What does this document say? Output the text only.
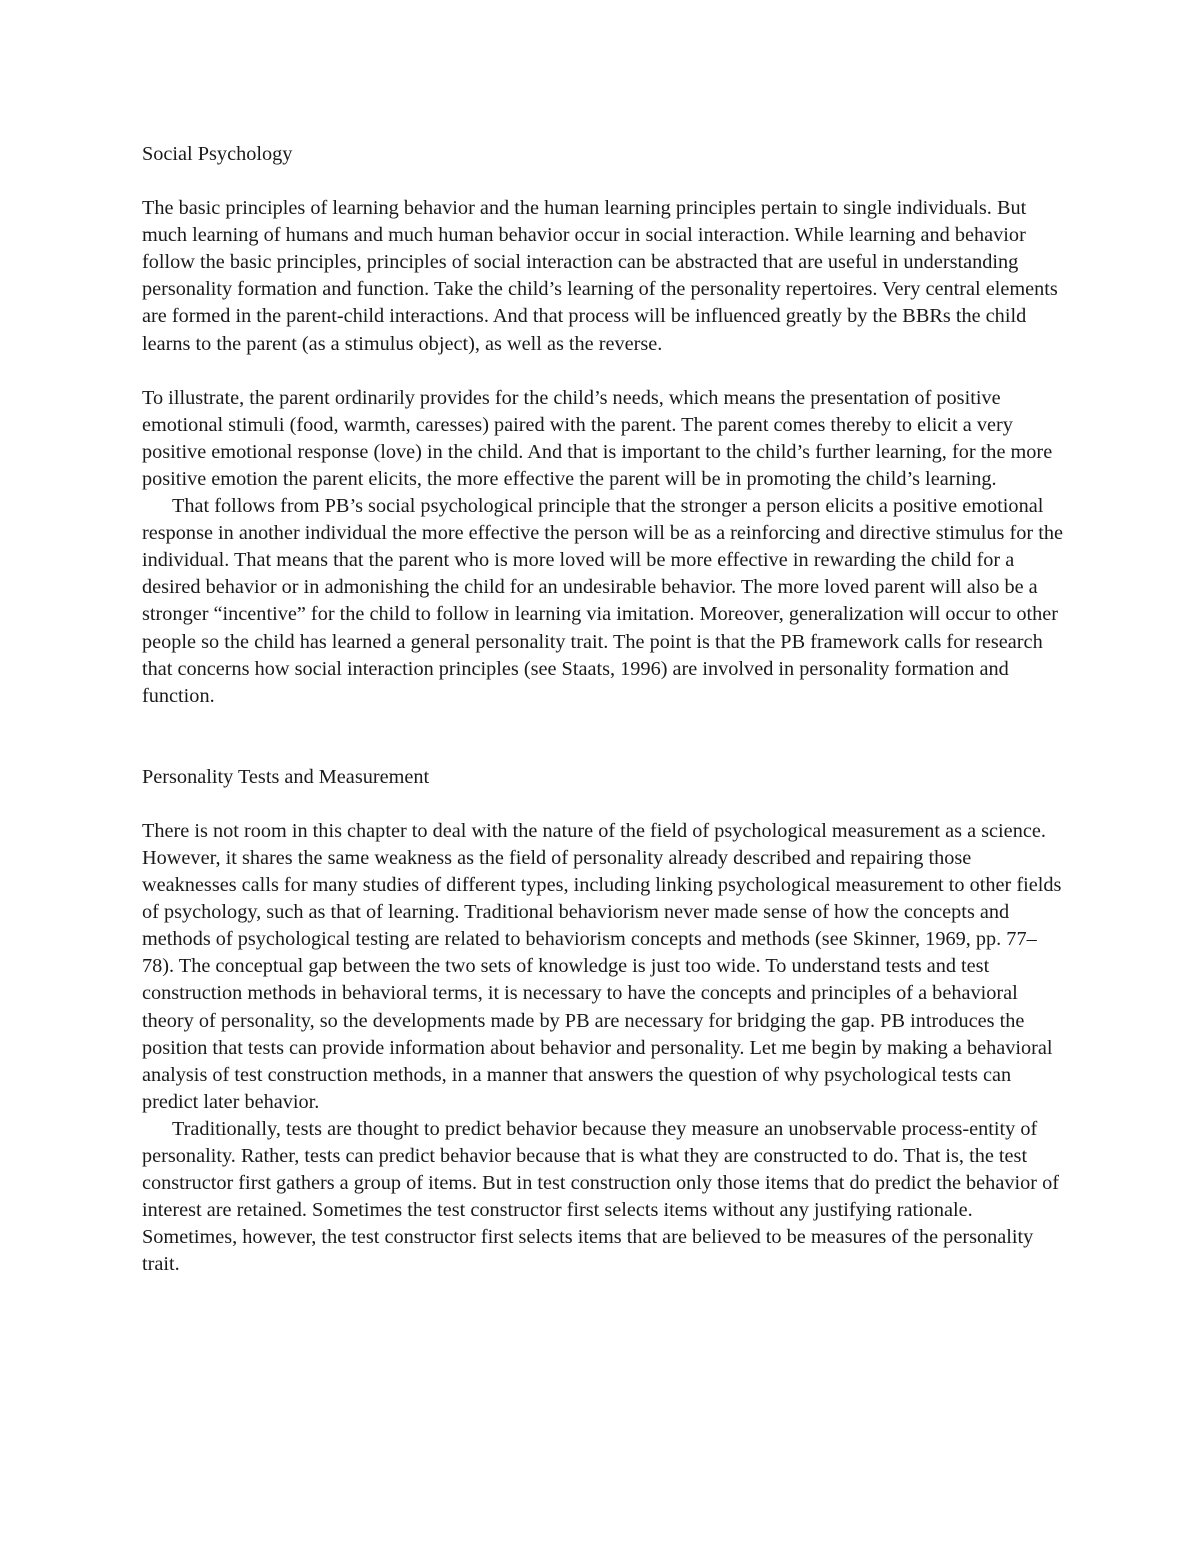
Social Psychology

The basic principles of learning behavior and the human learning principles pertain to single individuals. But much learning of humans and much human behavior occur in social interaction. While learning and behavior follow the basic principles, principles of social interaction can be abstracted that are useful in understanding personality formation and function. Take the child’s learning of the personality repertoires. Very central elements are formed in the parent-child interactions. And that process will be influenced greatly by the BBRs the child learns to the parent (as a stimulus object), as well as the reverse.

To illustrate, the parent ordinarily provides for the child’s needs, which means the presentation of positive emotional stimuli (food, warmth, caresses) paired with the parent. The parent comes thereby to elicit a very positive emotional response (love) in the child. And that is important to the child’s further learning, for the more positive emotion the parent elicits, the more effective the parent will be in promoting the child’s learning.

That follows from PB’s social psychological principle that the stronger a person elicits a positive emotional response in another individual the more effective the person will be as a reinforcing and directive stimulus for the individual. That means that the parent who is more loved will be more effective in rewarding the child for a desired behavior or in admonishing the child for an undesirable behavior. The more loved parent will also be a stronger “incentive” for the child to follow in learning via imitation. Moreover, generalization will occur to other people so the child has learned a general personality trait. The point is that the PB framework calls for research that concerns how social interaction principles (see Staats, 1996) are involved in personality formation and function.

Personality Tests and Measurement

There is not room in this chapter to deal with the nature of the field of psychological measurement as a science. However, it shares the same weakness as the field of personality already described and repairing those weaknesses calls for many studies of different types, including linking psychological measurement to other fields of psychology, such as that of learning. Traditional behaviorism never made sense of how the concepts and methods of psychological testing are related to behaviorism concepts and methods (see Skinner, 1969, pp. 77–78). The conceptual gap between the two sets of knowledge is just too wide. To understand tests and test construction methods in behavioral terms, it is necessary to have the concepts and principles of a behavioral theory of personality, so the developments made by PB are necessary for bridging the gap. PB introduces the position that tests can provide information about behavior and personality. Let me begin by making a behavioral analysis of test construction methods, in a manner that answers the question of why psychological tests can predict later behavior.

Traditionally, tests are thought to predict behavior because they measure an unobservable process-entity of personality. Rather, tests can predict behavior because that is what they are constructed to do. That is, the test constructor first gathers a group of items. But in test construction only those items that do predict the behavior of interest are retained. Sometimes the test constructor first selects items without any justifying rationale. Sometimes, however, the test constructor first selects items that are believed to be measures of the personality trait.
